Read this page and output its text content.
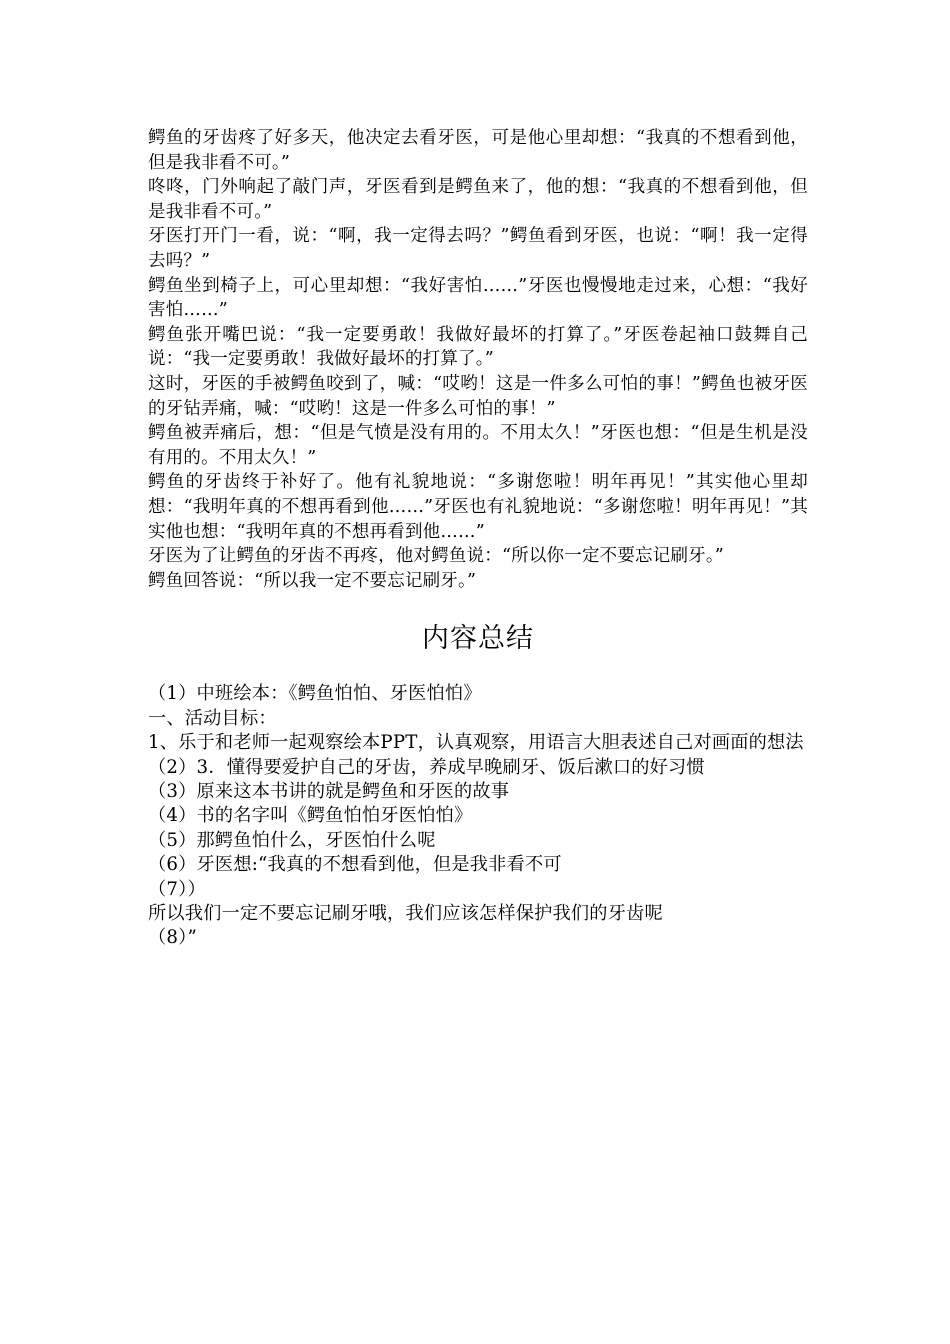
鳄鱼的牙齿疼了好多天，他决定去看牙医，可是他心里却想：“我真的不想看到他，但是我非看不可。”

咚咚，门外响起了敲门声，牙医看到是鳄鱼来了，他的想：“我真的不想看到他，但是我非看不可。”

牙医打开门一看，说：“啊，我一定得去吗？”鳄鱼看到牙医，也说：“啊！我一定得去吗？”

鳄鱼坐到椅子上，可心里却想：“我好害怕……”牙医也慢慢地走过来，心想：“我好害怕……”

鳄鱼张开嘴巴说：“我一定要勇敢！我做好最坏的打算了。”牙医卷起袖口鼓舞自己说：“我一定要勇敢！我做好最坏的打算了。”

这时，牙医的手被鳄鱼咬到了，喊：“哎哟！这是一件多么可怕的事！”鳄鱼也被牙医的牙钻弄痛，喊：“哎哟！这是一件多么可怕的事！”

鳄鱼被弄痛后，想：“但是气愤是没有用的。不用太久！”牙医也想：“但是生机是没有用的。不用太久！”

鳄鱼的牙齿终于补好了。他有礼貌地说：“多谢您啦！明年再见！”其实他心里却想：“我明年真的不想再看到他……”牙医也有礼貌地说：“多谢您啦！明年再见！”其实他也想：“我明年真的不想再看到他……”

牙医为了让鳄鱼的牙齿不再疼，他对鳄鱼说：“所以你一定不要忘记刷牙。”

鳄鱼回答说：“所以我一定不要忘记刷牙。”

内容总结

（1）中班绘本：《鳄鱼怕怕、牙医怕怕》

一、活动目标：

1、乐于和老师一起观察绘本PPT，认真观察，用语言大胆表述自己对画面的想法

（2）3．懂得要爱护自己的牙齿，养成早晚刷牙、饭后漱口的好习惯

（3）原来这本书讲的就是鳄鱼和牙医的故事

（4）书的名字叫《鳄鱼怕怕牙医怕怕》

（5）那鳄鱼怕什么，牙医怕什么呢

（6）牙医想:“我真的不想看到他，但是我非看不可

（7））

所以我们一定不要忘记刷牙哦，我们应该怎样保护我们的牙齿呢

（8）”
